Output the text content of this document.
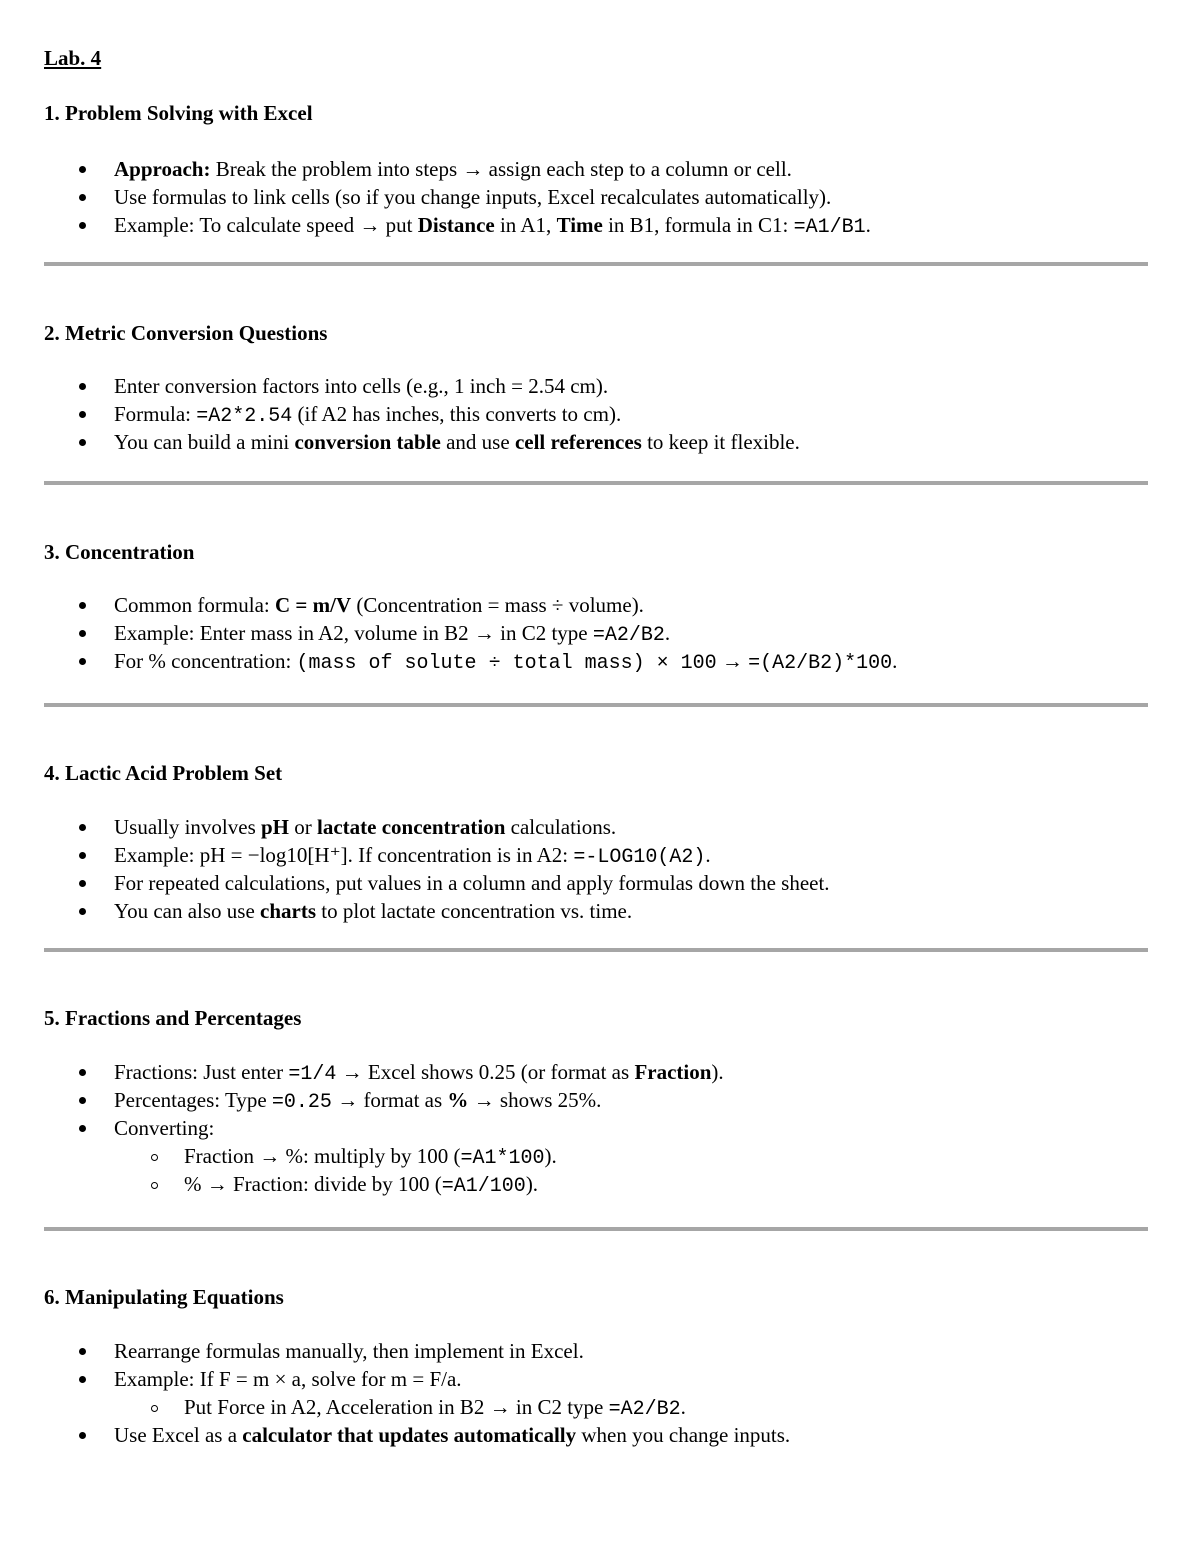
Lab. 4

1. Problem Solving with Excel

Approach: Break the problem into steps → assign each step to a column or cell.
Use formulas to link cells (so if you change inputs, Excel recalculates automatically).
Example: To calculate speed → put Distance in A1, Time in B1, formula in C1: =A1/B1.

2. Metric Conversion Questions

Enter conversion factors into cells (e.g., 1 inch = 2.54 cm).
Formula: =A2*2.54 (if A2 has inches, this converts to cm).
You can build a mini conversion table and use cell references to keep it flexible.

3. Concentration

Common formula: C = m/V (Concentration = mass ÷ volume).
Example: Enter mass in A2, volume in B2 → in C2 type =A2/B2.
For % concentration: (mass of solute ÷ total mass) × 100 → =(A2/B2)*100.

4. Lactic Acid Problem Set

Usually involves pH or lactate concentration calculations.
Example: pH = −log10[H⁺]. If concentration is in A2: =-LOG10(A2).
For repeated calculations, put values in a column and apply formulas down the sheet.
You can also use charts to plot lactate concentration vs. time.

5. Fractions and Percentages

Fractions: Just enter =1/4 → Excel shows 0.25 (or format as Fraction).
Percentages: Type =0.25 → format as % → shows 25%.
Converting:
Fraction → %: multiply by 100 (=A1*100).
% → Fraction: divide by 100 (=A1/100).

6. Manipulating Equations

Rearrange formulas manually, then implement in Excel.
Example: If F = m × a, solve for m = F/a.
Put Force in A2, Acceleration in B2 → in C2 type =A2/B2.
Use Excel as a calculator that updates automatically when you change inputs.
